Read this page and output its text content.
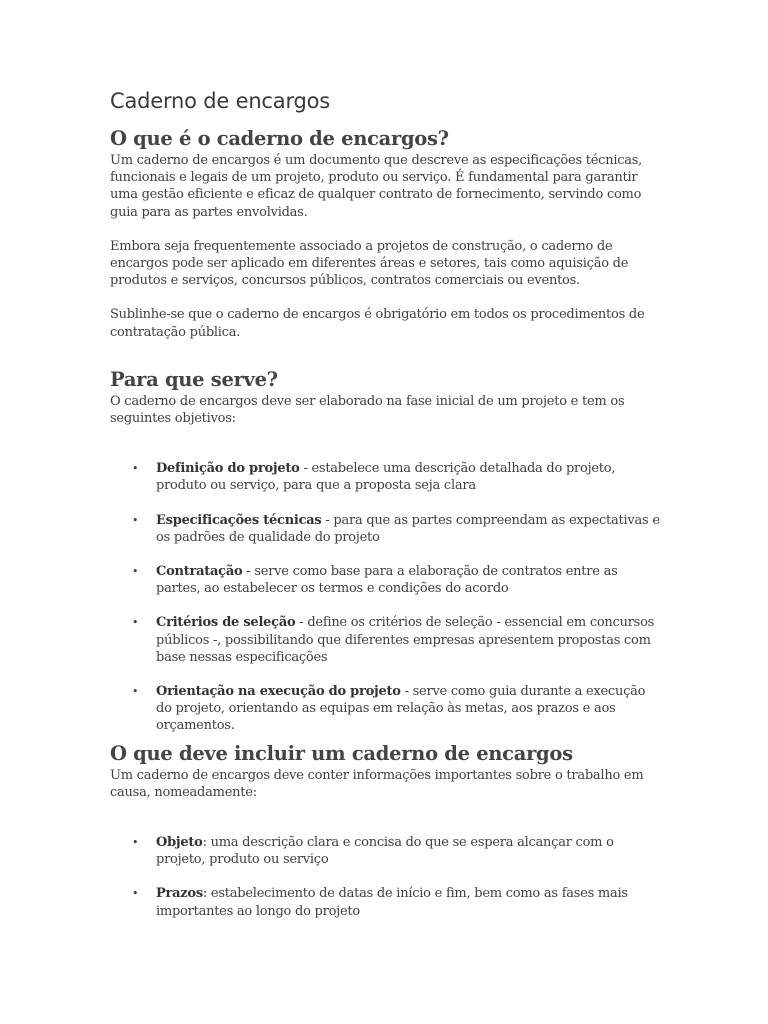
Caderno de encargos
O que é o caderno de encargos?

Um caderno de encargos é um documento que descreve as especificações técnicas, funcionais e legais de um projeto, produto ou serviço. É fundamental para garantir uma gestão eficiente e eficaz de qualquer contrato de fornecimento, servindo como guia para as partes envolvidas.

Embora seja frequentemente associado a projetos de construção, o caderno de encargos pode ser aplicado em diferentes áreas e setores, tais como aquisição de produtos e serviços, concursos públicos, contratos comerciais ou eventos.

Sublinhe-se que o caderno de encargos é obrigatório em todos os procedimentos de contratação pública.

Para que serve?

O caderno de encargos deve ser elaborado na fase inicial de um projeto e tem os seguintes objetivos:

• Definição do projeto - estabelece uma descrição detalhada do projeto, produto ou serviço, para que a proposta seja clara
• Especificações técnicas - para que as partes compreendam as expectativas e os padrões de qualidade do projeto
• Contratação - serve como base para a elaboração de contratos entre as partes, ao estabelecer os termos e condições do acordo
• Critérios de seleção - define os critérios de seleção - essencial em concursos públicos -, possibilitando que diferentes empresas apresentem propostas com base nessas especificações
• Orientação na execução do projeto - serve como guia durante a execução do projeto, orientando as equipas em relação às metas, aos prazos e aos orçamentos.
O que deve incluir um caderno de encargos

Um caderno de encargos deve conter informações importantes sobre o trabalho em causa, nomeadamente:

• Objeto: uma descrição clara e concisa do que se espera alcançar com o projeto, produto ou serviço
• Prazos: estabelecimento de datas de início e fim, bem como as fases mais importantes ao longo do projeto
